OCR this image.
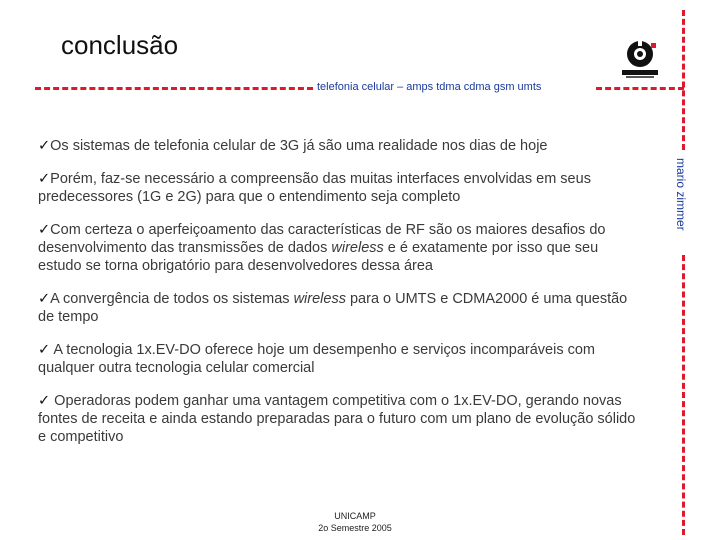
conclusão
telefonia celular – amps tdma cdma gsm umts
mario zimmer
✓Os sistemas de telefonia celular de 3G já são uma realidade nos dias de hoje
✓Porém, faz-se necessário a compreensão das muitas interfaces envolvidas em seus predecessores (1G e 2G) para que o entendimento seja completo
✓Com certeza o aperfeiçoamento das características de RF são os maiores desafios do desenvolvimento das transmissões de dados wireless e é exatamente por isso que seu estudo se torna obrigatório para desenvolvedores dessa área
✓A convergência de todos os sistemas wireless para o UMTS e CDMA2000 é uma questão de tempo
✓ A tecnologia 1x.EV-DO oferece hoje um desempenho e serviços incomparáveis com qualquer outra tecnologia celular comercial
✓ Operadoras podem ganhar uma vantagem competitiva com o 1x.EV-DO, gerando novas fontes de receita e ainda estando preparadas para o futuro com um plano de evolução sólido e competitivo
UNICAMP
2o Semestre 2005
